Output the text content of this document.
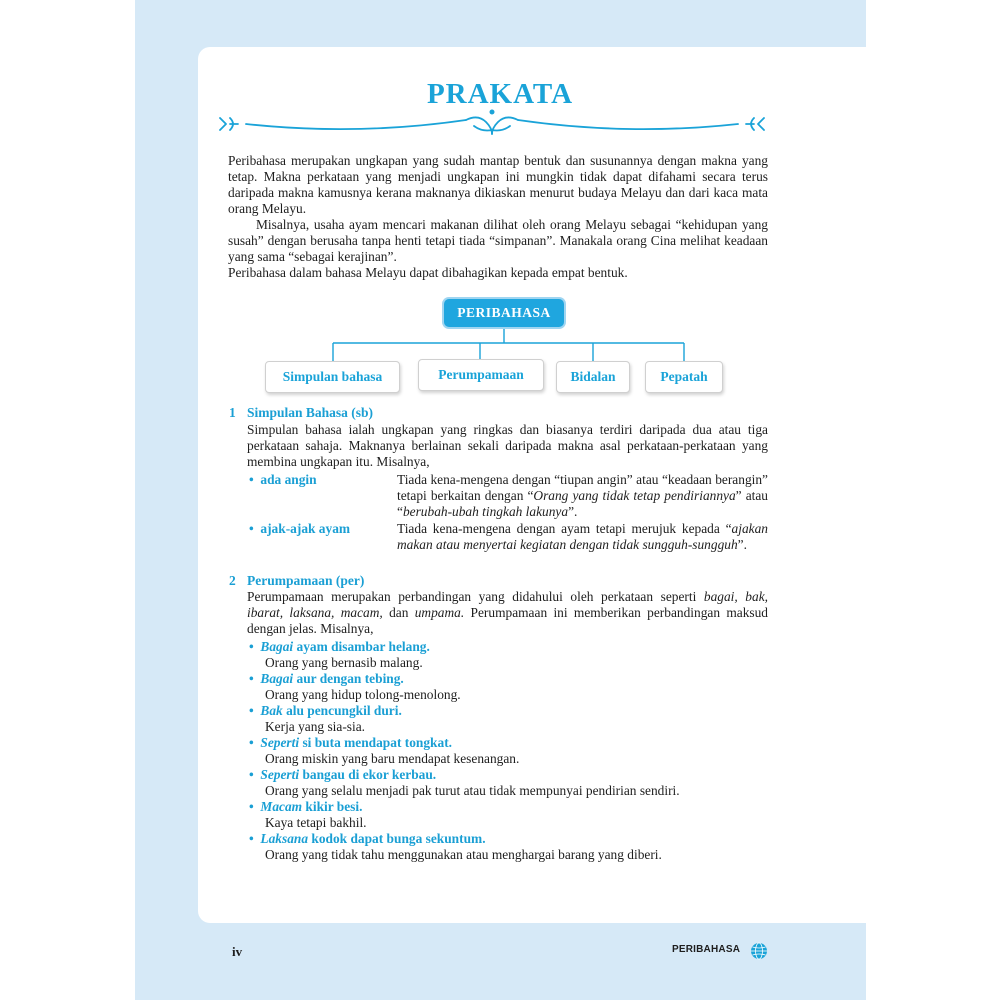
PRAKATA

Peribahasa merupakan ungkapan yang sudah mantap bentuk dan susunannya dengan makna yang tetap. Makna perkataan yang menjadi ungkapan ini mungkin tidak dapat difahami secara terus daripada makna kamusnya kerana maknanya dikiaskan menurut budaya Melayu dan dari kaca mata orang Melayu.

Misalnya, usaha ayam mencari makanan dilihat oleh orang Melayu sebagai “kehidupan yang susah” dengan berusaha tanpa henti tetapi tiada “simpanan”. Manakala orang Cina melihat keadaan yang sama “sebagai kerajinan”.

Peribahasa dalam bahasa Melayu dapat dibahagikan kepada empat bentuk.

PERIBAHASA
Simpulan bahasa	Perumpamaan	Bidalan	Pepatah
1 Simpulan Bahasa (sb)

Simpulan bahasa ialah ungkapan yang ringkas dan biasanya terdiri daripada dua atau tiga perkataan sahaja. Maknanya berlainan sekali daripada makna asal perkataan-perkataan yang membina ungkapan itu. Misalnya,

• ada angin	Tiada kena-mengena dengan “tiupan angin” atau “keadaan berangin” tetapi berkaitan dengan “Orang yang tidak tetap pendiriannya” atau “berubah-ubah tingkah lakunya”.
• ajak-ajak ayam	Tiada kena-mengena dengan ayam tetapi merujuk kepada “ajakan makan atau menyertai kegiatan dengan tidak sungguh-sungguh”.
2 Perumpamaan (per)

Perumpamaan merupakan perbandingan yang didahului oleh perkataan seperti bagai, bak, ibarat, laksana, macam, dan umpama. Perumpamaan ini memberikan perbandingan maksud dengan jelas. Misalnya,

• Bagai ayam disambar helang.
Orang yang bernasib malang.
• Bagai aur dengan tebing.
Orang yang hidup tolong-menolong.
• Bak alu pencungkil duri.
Kerja yang sia-sia.
• Seperti si buta mendapat tongkat.
Orang miskin yang baru mendapat kesenangan.
• Seperti bangau di ekor kerbau.
Orang yang selalu menjadi pak turut atau tidak mempunyai pendirian sendiri.
• Macam kikir besi.
Kaya tetapi bakhil.
• Laksana kodok dapat bunga sekuntum.
Orang yang tidak tahu menggunakan atau menghargai barang yang diberi.
iv	PERIBAHASA
